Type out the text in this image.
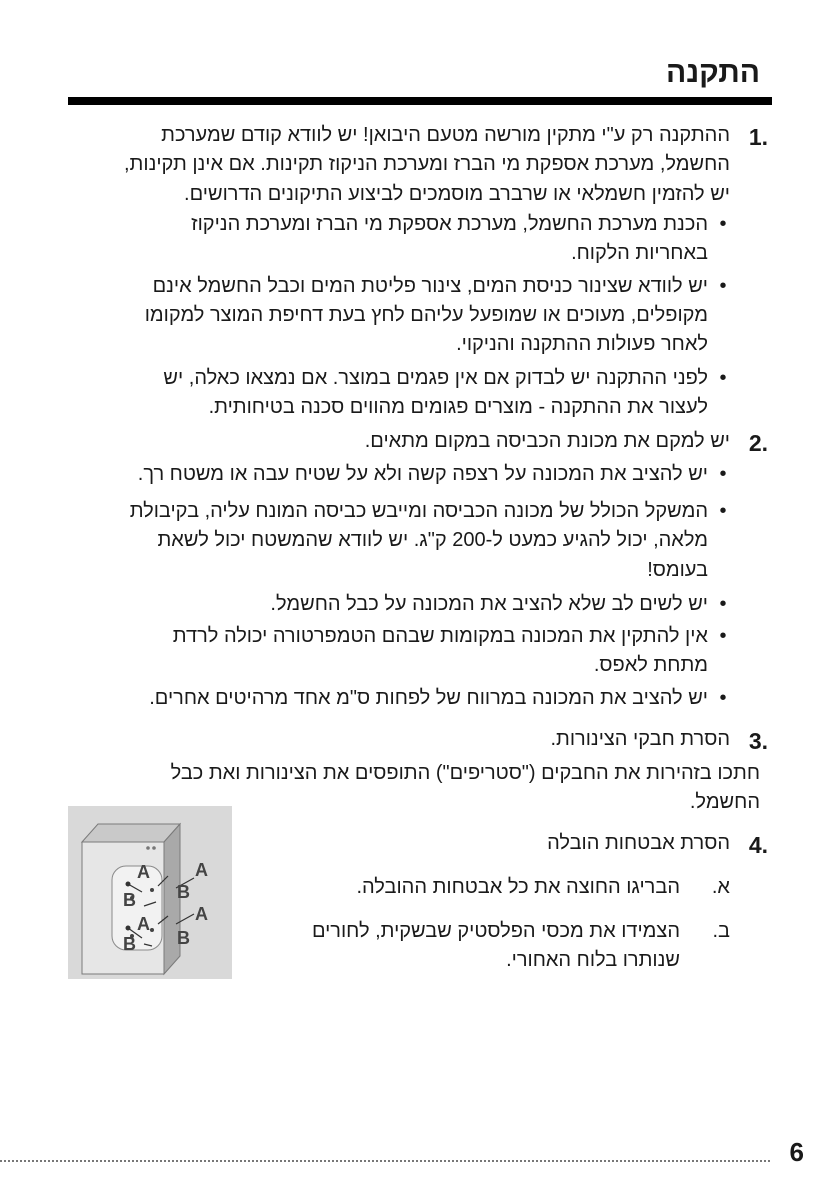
התקנה
1.
ההתקנה רק ע"י מתקין מורשה מטעם היבואן! יש לוודא קודם שמערכת
החשמל, מערכת אספקת מי הברז ומערכת הניקוז תקינות. אם אינן תקינות,
יש להזמין חשמלאי או שרברב מוסמכים לביצוע התיקונים הדרושים.
•
הכנת מערכת החשמל, מערכת אספקת מי הברז ומערכת הניקוז
באחריות הלקוח.
•
יש לוודא שצינור כניסת המים, צינור פליטת המים וכבל החשמל אינם
מקופלים, מעוכים או שמופעל עליהם לחץ בעת דחיפת המוצר למקומו
לאחר פעולות ההתקנה והניקוי.
•
לפני ההתקנה יש לבדוק אם אין פגמים במוצר. אם נמצאו כאלה, יש
לעצור את ההתקנה - מוצרים פגומים מהווים סכנה בטיחותית.
2.
יש למקם את מכונת הכביסה במקום מתאים.
•
יש להציב את המכונה על רצפה קשה ולא על שטיח עבה או משטח רך.
•
המשקל הכולל של מכונה הכביסה ומייבש כביסה המונח עליה, בקיבולת
מלאה, יכול להגיע כמעט ל-200 ק"ג. יש לוודא שהמשטח יכול לשאת
בעומס!
•
יש לשים לב שלא להציב את המכונה על כבל החשמל.
•
אין להתקין את המכונה במקומות שבהם הטמפרטורה יכולה לרדת
מתחת לאפס.
•
יש להציב את המכונה במרווח של לפחות ס"מ אחד מרהיטים אחרים.
3.
הסרת חבקי הצינורות.
חתכו בזהירות את החבקים ("סטריפים") התופסים את הצינורות ואת כבל
החשמל.
4.
הסרת אבטחות הובלה
א.
הבריגו החוצה את כל אבטחות ההובלה.
ב.
הצמידו את מכסי הפלסטיק שבשקית, לחורים
שנותרו בלוח האחורי.
A	A
A	A
B B
B B
6
